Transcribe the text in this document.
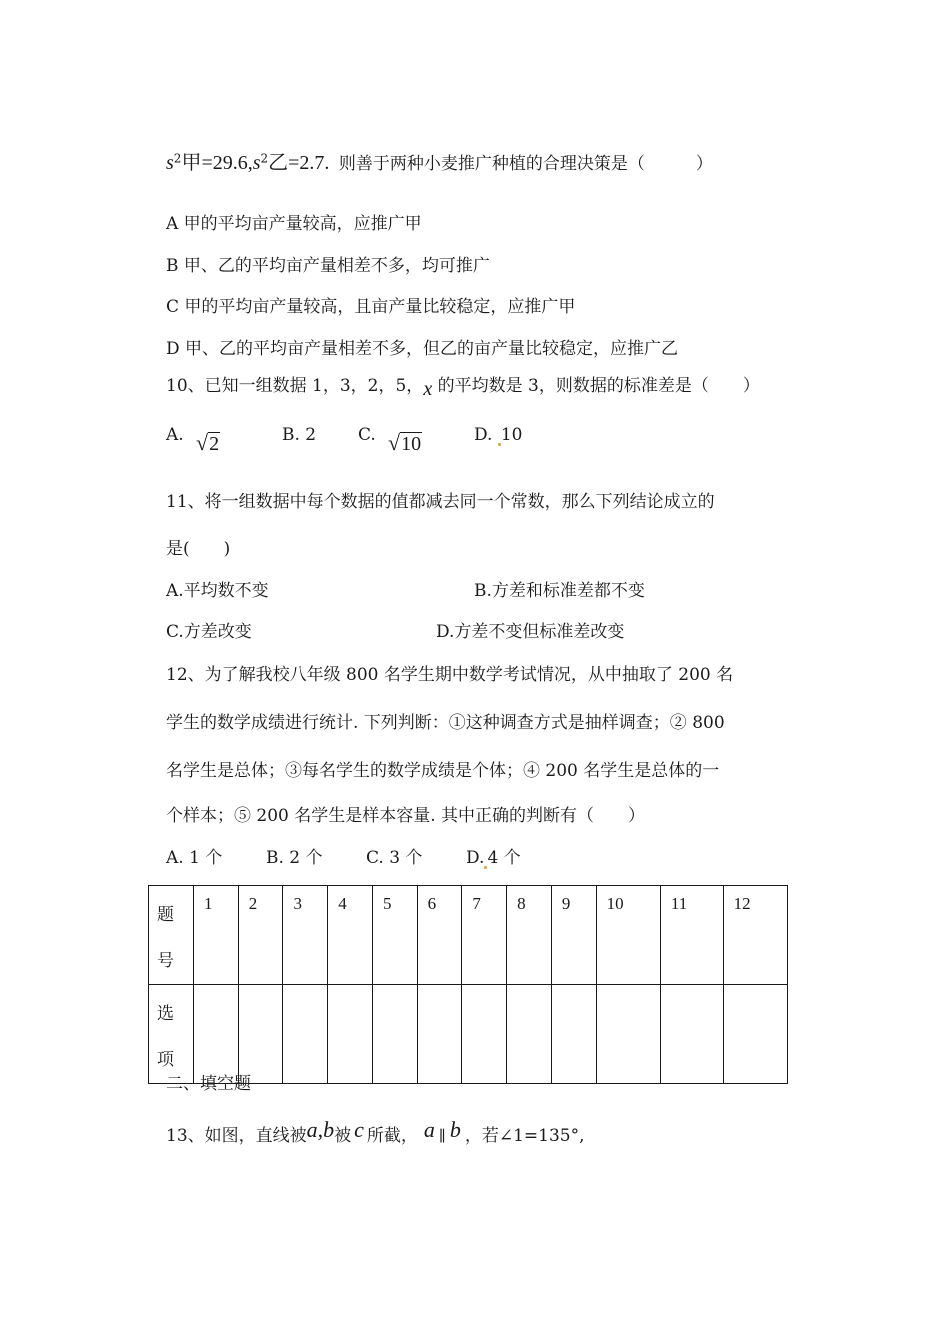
$s^2$甲$=29.6,s^2$乙=2.7. 则善于两种小麦推广种植的合理决策是（　　　）
A 甲的平均亩产量较高，应推广甲
B 甲、乙的平均亩产量相差不多，均可推广
C 甲的平均亩产量较高，且亩产量比较稳定，应推广甲
D 甲、乙的平均亩产量相差不多，但乙的亩产量比较稳定，应推广乙
10、已知一组数据 1，3，2，5，x 的平均数是 3，则数据的标准差是（　　）
A. √2	B. 2 C. √10	D. 10
11、将一组数据中每个数据的值都减去同一个常数，那么下列结论成立的
是(　　)
A.平均数不变	B.方差和标准差都不变
C.方差改变	D.方差不变但标准差改变
12、为了解我校八年级 800 名学生期中数学考试情况，从中抽取了 200 名
学生的数学成绩进行统计. 下列判断：①这种调查方式是抽样调查；② 800
名学生是总体；③每名学生的数学成绩是个体；④ 200 名学生是总体的一
个样本；⑤ 200 名学生是样本容量. 其中正确的判断有（　　）
A. 1 个	B. 2 个	C. 3 个	D. 4 个
题
号	1	2	3	4	5	6	7	8	9	10	11	12

选
项												

二、填空题
13、如图，直线被a,b被 c 所截， a ∥ b ，若∠1=135°,
